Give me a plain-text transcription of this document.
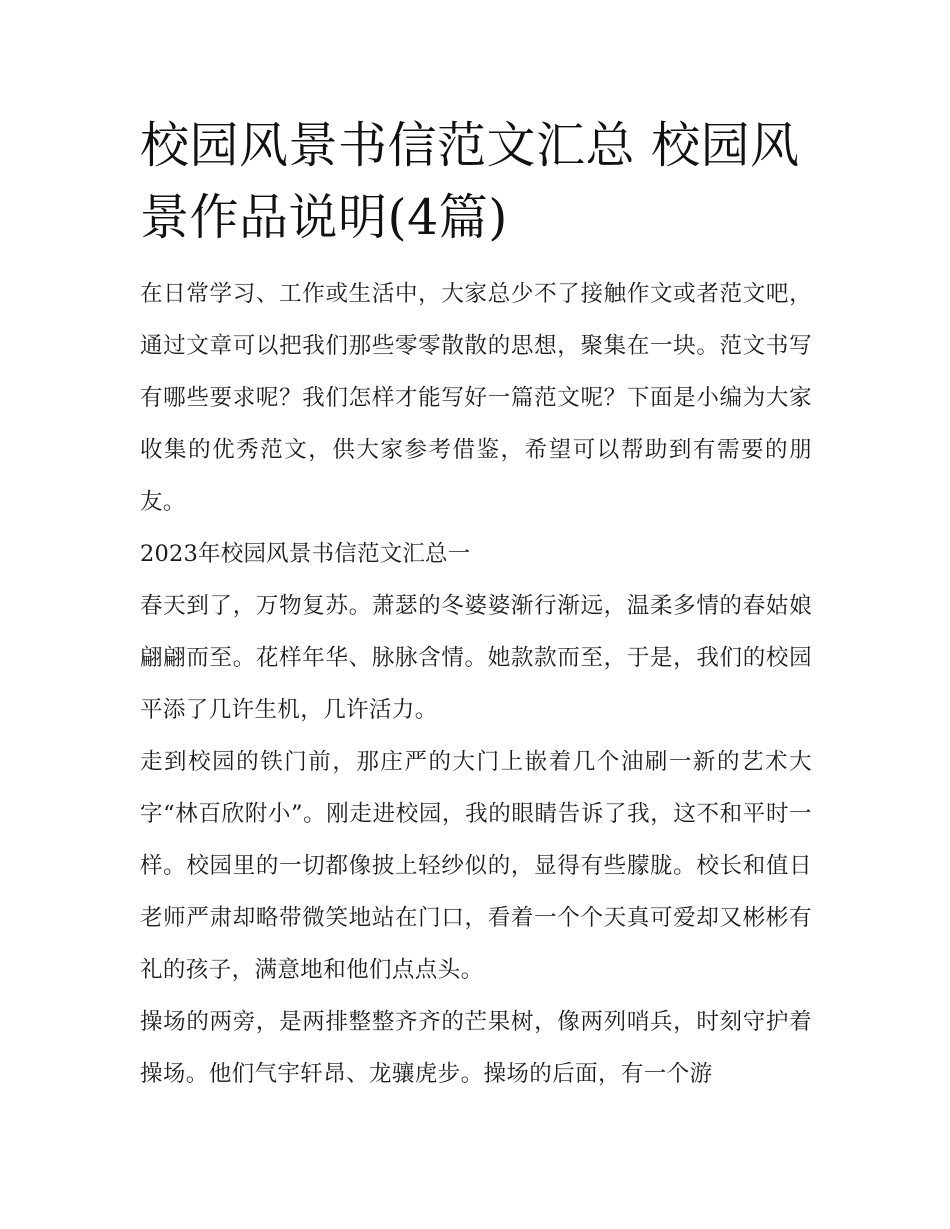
校园风景书信范文汇总 校园风景作品说明(4篇)

在日常学习、工作或生活中，大家总少不了接触作文或者范文吧，通过文章可以把我们那些零零散散的思想，聚集在一块。范文书写有哪些要求呢？我们怎样才能写好一篇范文呢？下面是小编为大家收集的优秀范文，供大家参考借鉴，希望可以帮助到有需要的朋友。

2023年校园风景书信范文汇总一

春天到了，万物复苏。萧瑟的冬婆婆渐行渐远，温柔多情的春姑娘翩翩而至。花样年华、脉脉含情。她款款而至，于是，我们的校园平添了几许生机，几许活力。

走到校园的铁门前，那庄严的大门上嵌着几个油刷一新的艺术大字“林百欣附小”。刚走进校园，我的眼睛告诉了我，这不和平时一样。校园里的一切都像披上轻纱似的，显得有些朦胧。校长和值日老师严肃却略带微笑地站在门口，看着一个个天真可爱却又彬彬有礼的孩子，满意地和他们点点头。

操场的两旁，是两排整整齐齐的芒果树，像两列哨兵，时刻守护着操场。他们气宇轩昂、龙骧虎步。操场的后面，有一个游
